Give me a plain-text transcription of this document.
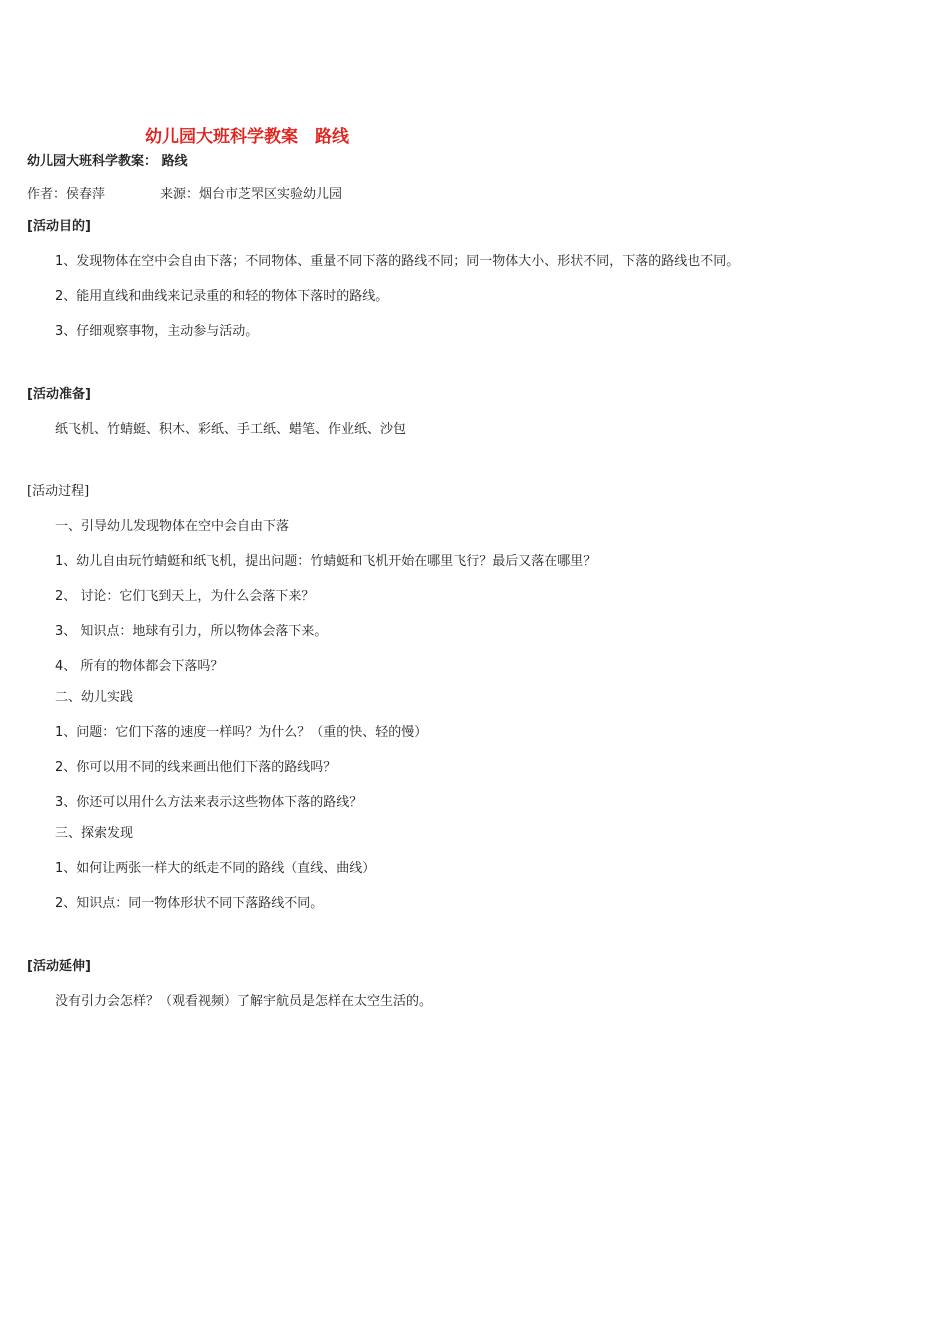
幼儿园大班科学教案　路线
幼儿园大班科学教案： 路线
作者：侯春萍	来源：烟台市芝罘区实验幼儿园
[活动目的]
1、发现物体在空中会自由下落；不同物体、重量不同下落的路线不同；同一物体大小、形状不同，下落的路线也不同。
2、能用直线和曲线来记录重的和轻的物体下落时的路线。
3、仔细观察事物，主动参与活动。
[活动准备]
纸飞机、竹蜻蜓、积木、彩纸、手工纸、蜡笔、作业纸、沙包
[活动过程]
一、引导幼儿发现物体在空中会自由下落
1、幼儿自由玩竹蜻蜓和纸飞机，提出问题：竹蜻蜓和飞机开始在哪里飞行？最后又落在哪里？
2、 讨论：它们飞到天上，为什么会落下来？
3、 知识点：地球有引力，所以物体会落下来。
4、 所有的物体都会下落吗？
二、幼儿实践
1、问题：它们下落的速度一样吗？为什么？（重的快、轻的慢）
2、你可以用不同的线来画出他们下落的路线吗？
3、你还可以用什么方法来表示这些物体下落的路线？
三、探索发现
1、如何让两张一样大的纸走不同的路线（直线、曲线）
2、知识点：同一物体形状不同下落路线不同。
[活动延伸]
没有引力会怎样？（观看视频）了解宇航员是怎样在太空生活的。
